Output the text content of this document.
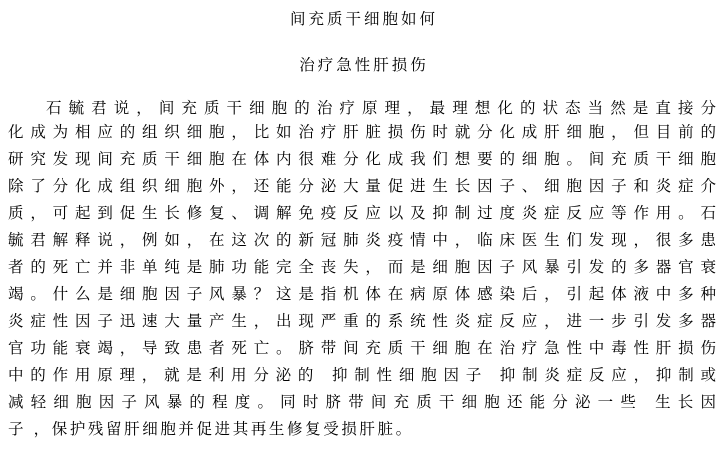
间充质干细胞如何
治疗急性肝损伤
石毓君说，间充质干细胞的治疗原理，最理想化的状态当然是直接分
化成为相应的组织细胞，比如治疗肝脏损伤时就分化成肝细胞，但目前的
研究发现间充质干细胞在体内很难分化成我们想要的细胞。间充质干细胞
除了分化成组织细胞外，还能分泌大量促进生长因子、细胞因子和炎症介
质，可起到促生长修复、调解免疫反应以及抑制过度炎症反应等作用。石
毓君解释说，例如，在这次的新冠肺炎疫情中，临床医生们发现，很多患
者的死亡并非单纯是肺功能完全丧失，而是细胞因子风暴引发的多器官衰
竭。什么是细胞因子风暴？这是指机体在病原体感染后，引起体液中多种
炎症性因子迅速大量产生，出现严重的系统性炎症反应，进一步引发多器
官功能衰竭，导致患者死亡。脐带间充质干细胞在治疗急性中毒性肝损伤
中的作用原理，就是利用分泌的 抑制性细胞因子 抑制炎症反应，抑制或
减轻细胞因子风暴的程度。同时脐带间充质干细胞还能分泌一些 生长因
子 ，保护残留肝细胞并促进其再生修复受损肝脏。
